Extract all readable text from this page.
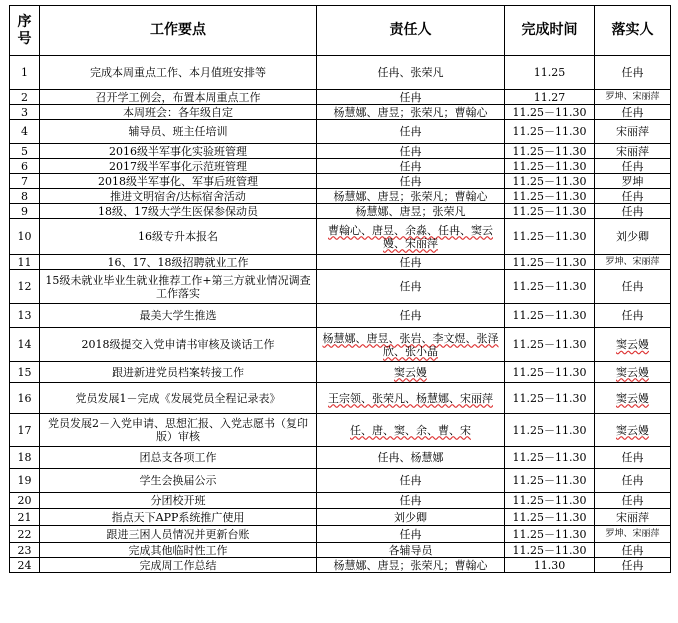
序号	工作要点	责任人	完成时间	落实人
1	完成本周重点工作、本月值班安排等	任冉、张荣凡	11.25	任冉
2	召开学工例会，布置本周重点工作	任冉	11.27	罗坤、宋丽萍
3	本周班会：各年级自定	杨慧娜、唐昱；张荣凡；曹翰心	11.25－11.30	任冉
4	辅导员、班主任培训	任冉	11.25－11.30	宋丽萍
5	2016级半军事化实验班管理	任冉	11.25－11.30	宋丽萍
6	2017级半军事化示范班管理	任冉	11.25－11.30	任冉
7	2018级半军事化、军事后班管理	任冉	11.25－11.30	罗坤
8	推进文明宿舍/达标宿舍活动	杨慧娜、唐昱；张荣凡；曹翰心	11.25－11.30	任冉
9	18级、17级大学生医保参保动员	杨慧娜、唐昱；张荣凡	11.25－11.30	任冉
10	16级专升本报名	曹翰心、唐昱、余淼、任冉、窦云嫚、宋丽萍	11.25－11.30	刘少卿
11	16、17、18级招聘就业工作	任冉	11.25－11.30	罗坤、宋丽萍
12	15级未就业毕业生就业推荐工作+第三方就业情况调查工作落实	任冉	11.25－11.30	任冉
13	最美大学生推选	任冉	11.25－11.30	任冉
14	2018级提交入党申请书审核及谈话工作	杨慧娜、唐昱、张岩、李文煜、张泽欣、张小晶	11.25－11.30	窦云嫚
15	跟进新进党员档案转接工作	窦云嫚	11.25－11.30	窦云嫚
16	党员发展1－完成《发展党员全程记录表》	王宗领、张荣凡、杨慧娜、宋丽萍	11.25－11.30	窦云嫚
17	党员发展2－入党申请、思想汇报、入党志愿书（复印版）审核	任、唐、窦、余、曹、宋	11.25－11.30	窦云嫚
18	团总支各项工作	任冉、杨慧娜	11.25－11.30	任冉
19	学生会换届公示	任冉	11.25－11.30	任冉
20	分团校开班	任冉	11.25－11.30	任冉
21	指点天下APP系统推广使用	刘少卿	11.25－11.30	宋丽萍
22	跟进三困人员情况并更新台账	任冉	11.25－11.30	罗坤、宋丽萍
23	完成其他临时性工作	各辅导员	11.25－11.30	任冉
24	完成周工作总结	杨慧娜、唐昱；张荣凡；曹翰心	11.30	任冉
